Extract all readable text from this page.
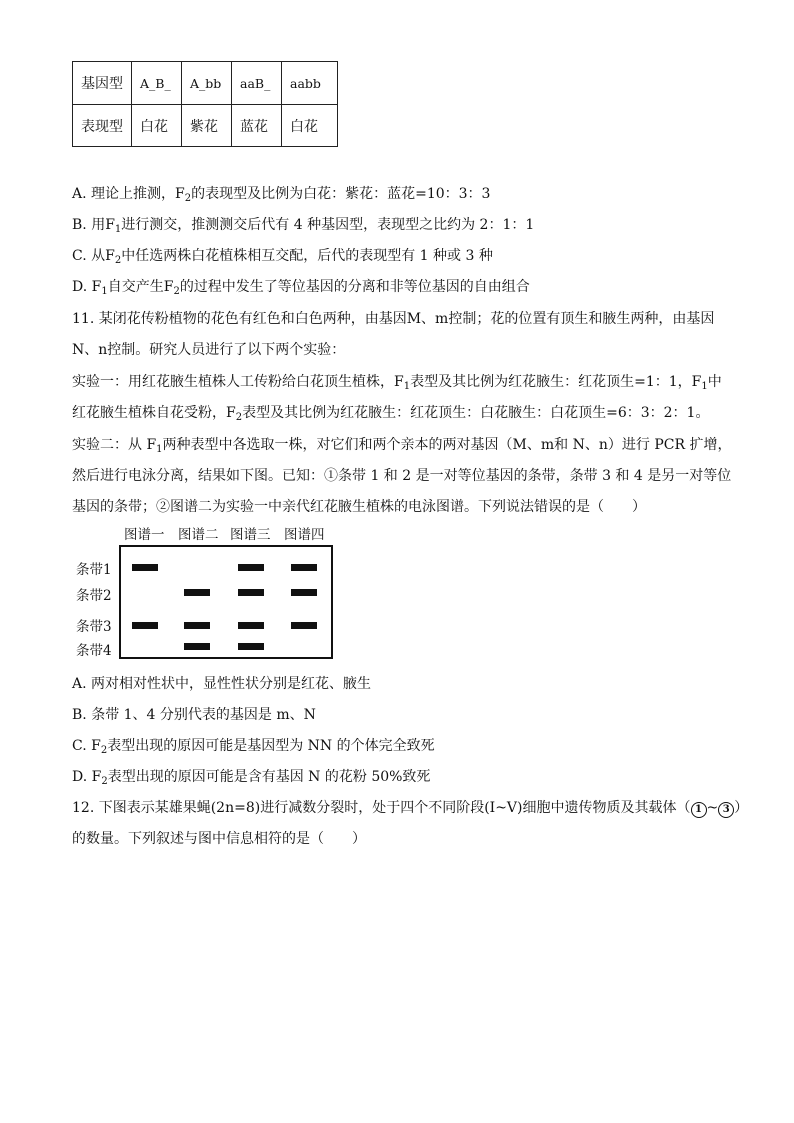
基因型	A_B_	A_bb	aaB_	aabb
表现型	白花	紫花	蓝花	白花
A. 理论上推测，$F_2$的表现型及比例为白花：紫花：蓝花=10：3：3
B. 用$F_1$进行测交，推测测交后代有 4 种基因型，表现型之比约为 2：1：1
C. 从$F_2$中任选两株白花植株相互交配，后代的表现型有 1 种或 3 种
D. $F_1$自交产生$F_2$的过程中发生了等位基因的分离和非等位基因的自由组合
11. 某闭花传粉植物的花色有红色和白色两种，由基因M、m控制；花的位置有顶生和腋生两种，由基因
N、n控制。研究人员进行了以下两个实验：
实验一：用红花腋生植株人工传粉给白花顶生植株，$F_1$表型及其比例为红花腋生：红花顶生=1：1，$F_1$中
红花腋生植株自花受粉，$F_2$表型及其比例为红花腋生：红花顶生：白花腋生：白花顶生=6：3：2：1。
实验二：从 $F_1$两种表型中各选取一株，对它们和两个亲本的两对基因（M、m和 N、n）进行 PCR 扩增，
然后进行电泳分离，结果如下图。已知：①条带 1 和 2 是一对等位基因的条带，条带 3 和 4 是另一对等位
基因的条带；②图谱二为实验一中亲代红花腋生植株的电泳图谱。下列说法错误的是（　　）
图谱一 图谱二 图谱三 图谱四
条带1
条带2
条带3
条带4
A. 两对相对性状中，显性性状分别是红花、腋生
B. 条带 1、4 分别代表的基因是 m、N
C. $F_2$表型出现的原因可能是基因型为 NN 的个体完全致死
D. $F_2$表型出现的原因可能是含有基因 N 的花粉 50%致死
12. 下图表示某雄果蝇(2n=8)进行减数分裂时，处于四个不同阶段(Ⅰ~Ⅴ)细胞中遗传物质及其载体（ 1 ~ 3 ）
的数量。下列叙述与图中信息相符的是（　　）
